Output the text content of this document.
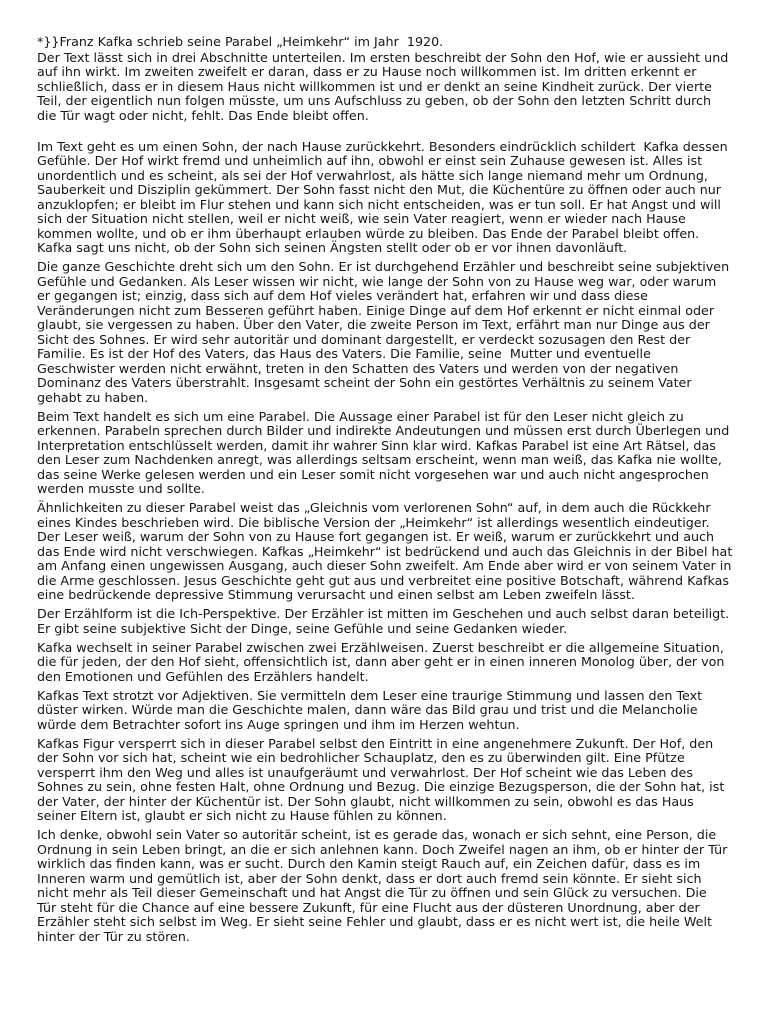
*}}Franz Kafka schrieb seine Parabel „Heimkehr“ im Jahr  1920.
Der Text lässt sich in drei Abschnitte unterteilen. Im ersten beschreibt der Sohn den Hof, wie er aussieht und
auf ihn wirkt. Im zweiten zweifelt er daran, dass er zu Hause noch willkommen ist. Im dritten erkennt er
schließlich, dass er in diesem Haus nicht willkommen ist und er denkt an seine Kindheit zurück. Der vierte
Teil, der eigentlich nun folgen müsste, um uns Aufschluss zu geben, ob der Sohn den letzten Schritt durch
die Tür wagt oder nicht, fehlt. Das Ende bleibt offen.
Im Text geht es um einen Sohn, der nach Hause zurückkehrt. Besonders eindrücklich schildert  Kafka dessen
Gefühle. Der Hof wirkt fremd und unheimlich auf ihn, obwohl er einst sein Zuhause gewesen ist. Alles ist
unordentlich und es scheint, als sei der Hof verwahrlost, als hätte sich lange niemand mehr um Ordnung,
Sauberkeit und Disziplin gekümmert. Der Sohn fasst nicht den Mut, die Küchentüre zu öffnen oder auch nur
anzuklopfen; er bleibt im Flur stehen und kann sich nicht entscheiden, was er tun soll. Er hat Angst und will
sich der Situation nicht stellen, weil er nicht weiß, wie sein Vater reagiert, wenn er wieder nach Hause
kommen wollte, und ob er ihm überhaupt erlauben würde zu bleiben. Das Ende der Parabel bleibt offen.
Kafka sagt uns nicht, ob der Sohn sich seinen Ängsten stellt oder ob er vor ihnen davonläuft.
Die ganze Geschichte dreht sich um den Sohn. Er ist durchgehend Erzähler und beschreibt seine subjektiven
Gefühle und Gedanken. Als Leser wissen wir nicht, wie lange der Sohn von zu Hause weg war, oder warum
er gegangen ist; einzig, dass sich auf dem Hof vieles verändert hat, erfahren wir und dass diese
Veränderungen nicht zum Besseren geführt haben. Einige Dinge auf dem Hof erkennt er nicht einmal oder
glaubt, sie vergessen zu haben. Über den Vater, die zweite Person im Text, erfährt man nur Dinge aus der
Sicht des Sohnes. Er wird sehr autoritär und dominant dargestellt, er verdeckt sozusagen den Rest der
Familie. Es ist der Hof des Vaters, das Haus des Vaters. Die Familie, seine  Mutter und eventuelle
Geschwister werden nicht erwähnt, treten in den Schatten des Vaters und werden von der negativen
Dominanz des Vaters überstrahlt. Insgesamt scheint der Sohn ein gestörtes Verhältnis zu seinem Vater
gehabt zu haben.
Beim Text handelt es sich um eine Parabel. Die Aussage einer Parabel ist für den Leser nicht gleich zu
erkennen. Parabeln sprechen durch Bilder und indirekte Andeutungen und müssen erst durch Überlegen und
Interpretation entschlüsselt werden, damit ihr wahrer Sinn klar wird. Kafkas Parabel ist eine Art Rätsel, das
den Leser zum Nachdenken anregt, was allerdings seltsam erscheint, wenn man weiß, das Kafka nie wollte,
das seine Werke gelesen werden und ein Leser somit nicht vorgesehen war und auch nicht angesprochen
werden musste und sollte.
Ähnlichkeiten zu dieser Parabel weist das „Gleichnis vom verlorenen Sohn“ auf, in dem auch die Rückkehr
eines Kindes beschrieben wird. Die biblische Version der „Heimkehr“ ist allerdings wesentlich eindeutiger.
Der Leser weiß, warum der Sohn von zu Hause fort gegangen ist. Er weiß, warum er zurückkehrt und auch
das Ende wird nicht verschwiegen. Kafkas „Heimkehr“ ist bedrückend und auch das Gleichnis in der Bibel hat
am Anfang einen ungewissen Ausgang, auch dieser Sohn zweifelt. Am Ende aber wird er von seinem Vater in
die Arme geschlossen. Jesus Geschichte geht gut aus und verbreitet eine positive Botschaft, während Kafkas
eine bedrückende depressive Stimmung verursacht und einen selbst am Leben zweifeln lässt.
Der Erzählform ist die Ich-Perspektive. Der Erzähler ist mitten im Geschehen und auch selbst daran beteiligt.
Er gibt seine subjektive Sicht der Dinge, seine Gefühle und seine Gedanken wieder.
Kafka wechselt in seiner Parabel zwischen zwei Erzählweisen. Zuerst beschreibt er die allgemeine Situation,
die für jeden, der den Hof sieht, offensichtlich ist, dann aber geht er in einen inneren Monolog über, der von
den Emotionen und Gefühlen des Erzählers handelt.
Kafkas Text strotzt vor Adjektiven. Sie vermitteln dem Leser eine traurige Stimmung und lassen den Text
düster wirken. Würde man die Geschichte malen, dann wäre das Bild grau und trist und die Melancholie
würde dem Betrachter sofort ins Auge springen und ihm im Herzen wehtun.
Kafkas Figur versperrt sich in dieser Parabel selbst den Eintritt in eine angenehmere Zukunft. Der Hof, den
der Sohn vor sich hat, scheint wie ein bedrohlicher Schauplatz, den es zu überwinden gilt. Eine Pfütze
versperrt ihm den Weg und alles ist unaufgeräumt und verwahrlost. Der Hof scheint wie das Leben des
Sohnes zu sein, ohne festen Halt, ohne Ordnung und Bezug. Die einzige Bezugsperson, die der Sohn hat, ist
der Vater, der hinter der Küchentür ist. Der Sohn glaubt, nicht willkommen zu sein, obwohl es das Haus
seiner Eltern ist, glaubt er sich nicht zu Hause fühlen zu können.
Ich denke, obwohl sein Vater so autoritär scheint, ist es gerade das, wonach er sich sehnt, eine Person, die
Ordnung in sein Leben bringt, an die er sich anlehnen kann. Doch Zweifel nagen an ihm, ob er hinter der Tür
wirklich das finden kann, was er sucht. Durch den Kamin steigt Rauch auf, ein Zeichen dafür, dass es im
Inneren warm und gemütlich ist, aber der Sohn denkt, dass er dort auch fremd sein könnte. Er sieht sich
nicht mehr als Teil dieser Gemeinschaft und hat Angst die Tür zu öffnen und sein Glück zu versuchen. Die
Tür steht für die Chance auf eine bessere Zukunft, für eine Flucht aus der düsteren Unordnung, aber der
Erzähler steht sich selbst im Weg. Er sieht seine Fehler und glaubt, dass er es nicht wert ist, die heile Welt
hinter der Tür zu stören.
